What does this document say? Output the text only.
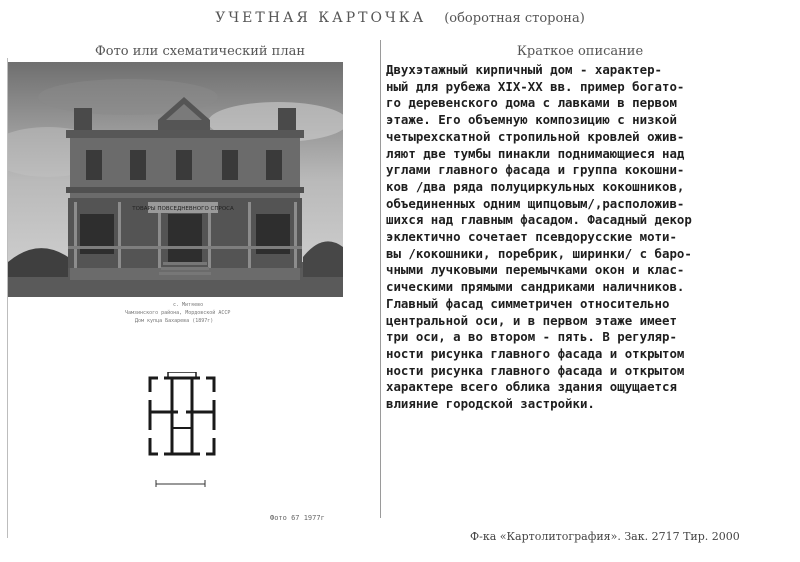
УЧЕТНАЯ КАРТОЧКА (оборотная сторона)
Фото или схематический план	Краткое описание
ТОВАРЫ ПОВСЕДНЕВНОГО СПРОСА
с. Митяево
Чамзинского района, Мордовской АССР
Дом купца Бахарева (1897г)
Фото 67 1977г
Двухэтажный кирпичный дом - характер-
ный для рубежа XIX-XX вв. пример богато-
го деревенского дома с лавками в первом
этаже. Его объемную композицию с низкой
четырехскатной стропильной кровлей ожив-
ляют две тумбы пинакли поднимающиеся над
углами главного фасада и группа кокошни-
ков /два ряда полуциркульных кокошников,
объединенных одним щипцовым/,расположив-
шихся над главным фасадом. Фасадный декор
эклектично сочетает псевдорусские моти-
вы /кокошники, поребрик, ширинки/ с баро-
чными лучковыми перемычками окон и клас-
сическими прямыми сандриками наличников.
Главный фасад симметричен относительно
центральной оси, и в первом этаже имеет
три оси, а во втором - пять. В регуляр-
ности рисунка главного фасада и открытом
ности рисунка главного фасада и открытом
характере всего облика здания ощущается
влияние городской застройки.
Ф-ка «Картолитография». Зак. 2717 Тир. 2000
